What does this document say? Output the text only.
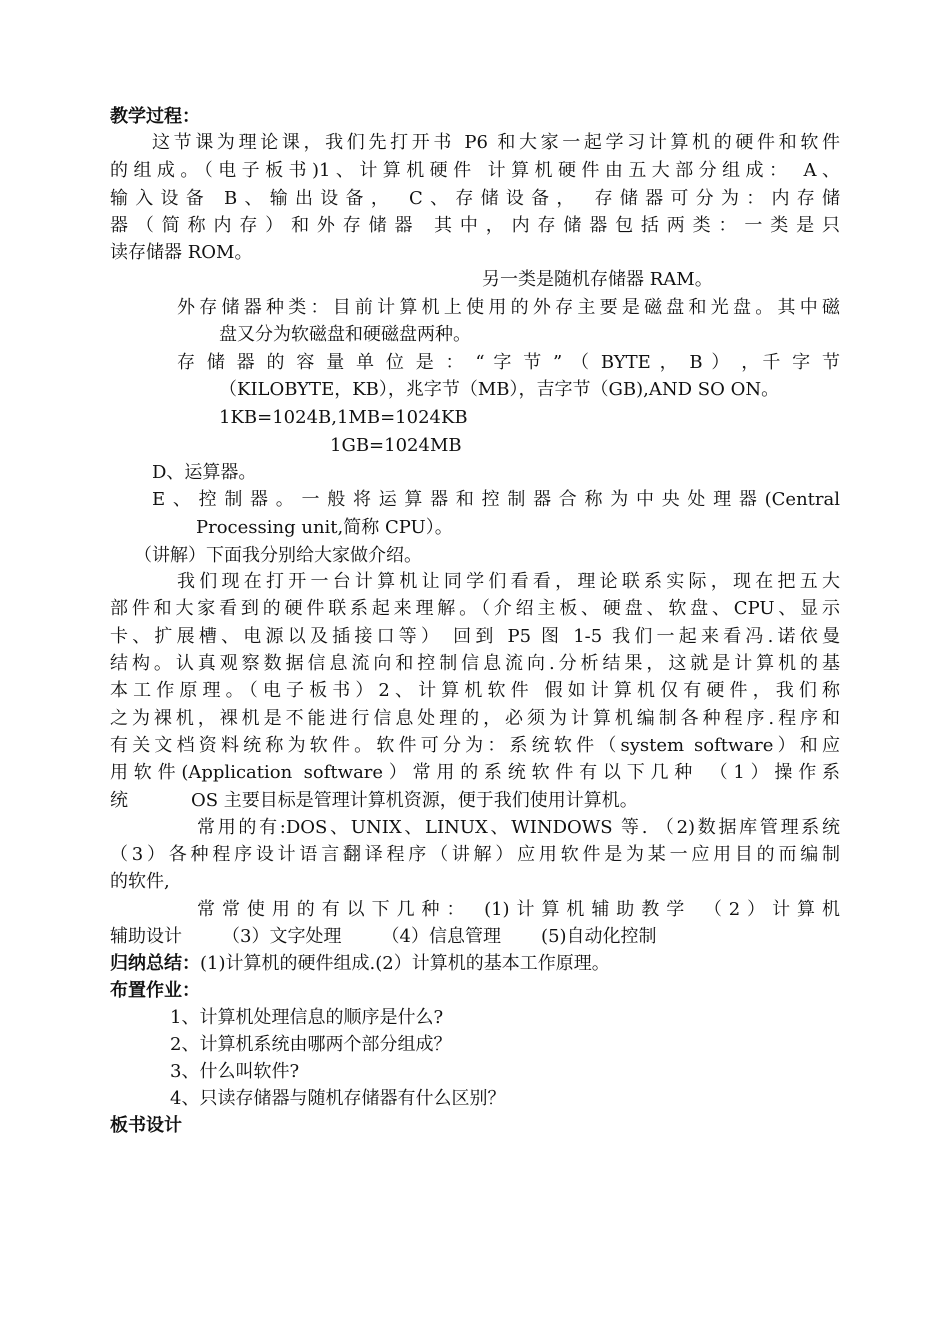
教学过程：
这节课为理论课，我们先打开书 P6 和大家一起学习计算机的硬件和软件
的组成。（电子板书)1、计算机硬件 计算机硬件由五大部分组成： A、
输入设备 B、输出设备， C、存储设备， 存储器可分为：内存储
器（简称内存）和外存储器 其中，内存储器包括两类：一类是只
读存储器 ROM。
另一类是随机存储器 RAM。
外存储器种类：目前计算机上使用的外存主要是磁盘和光盘。其中磁
盘又分为软磁盘和硬磁盘两种。
存 储 器 的 容 量 单 位 是 ： “ 字 节 ” （ BYTE ， B ） ，千 字 节
（KILOBYTE，KB），兆字节（MB），吉字节（GB),AND SO ON。
1KB=1024B,1MB=1024KB
1GB=1024MB
D、运算器。
E、控制器。一般将运算器和控制器合称为中央处理器(Central
Processing unit,简称 CPU）。
（讲解）下面我分别给大家做介绍。
我们现在打开一台计算机让同学们看看，理论联系实际，现在把五大
部件和大家看到的硬件联系起来理解。（介绍主板、硬盘、软盘、CPU、显示
卡、扩展槽、电源以及插接口等） 回到 P5 图 1-5 我们一起来看冯.诺依曼
结构。认真观察数据信息流向和控制信息流向.分析结果，这就是计算机的基
本工作原理。（电子板书）2、计算机软件 假如计算机仅有硬件，我们称
之为裸机，裸机是不能进行信息处理的，必须为计算机编制各种程序.程序和
有关文档资料统称为软件。软件可分为：系统软件（system software）和应
用软件(Application software）常用的系统软件有以下几种 （1）操作系
统           OS 主要目标是管理计算机资源，便于我们使用计算机。
常用的有:DOS、UNIX、LINUX、WINDOWS 等. （2)数据库管理系统
（3）各种程序设计语言翻译程序（讲解）应用软件是为某一应用目的而编制
的软件,
常常使用的有以下几种： (1)计算机辅助教学 （2）计算机
辅助设计       （3）文字处理       （4）信息管理       (5)自动化控制
归纳总结：(1)计算机的硬件组成.(2）计算机的基本工作原理。
布置作业：
1、计算机处理信息的顺序是什么?
2、计算机系统由哪两个部分组成？
3、什么叫软件?
4、只读存储器与随机存储器有什么区别？
板书设计
